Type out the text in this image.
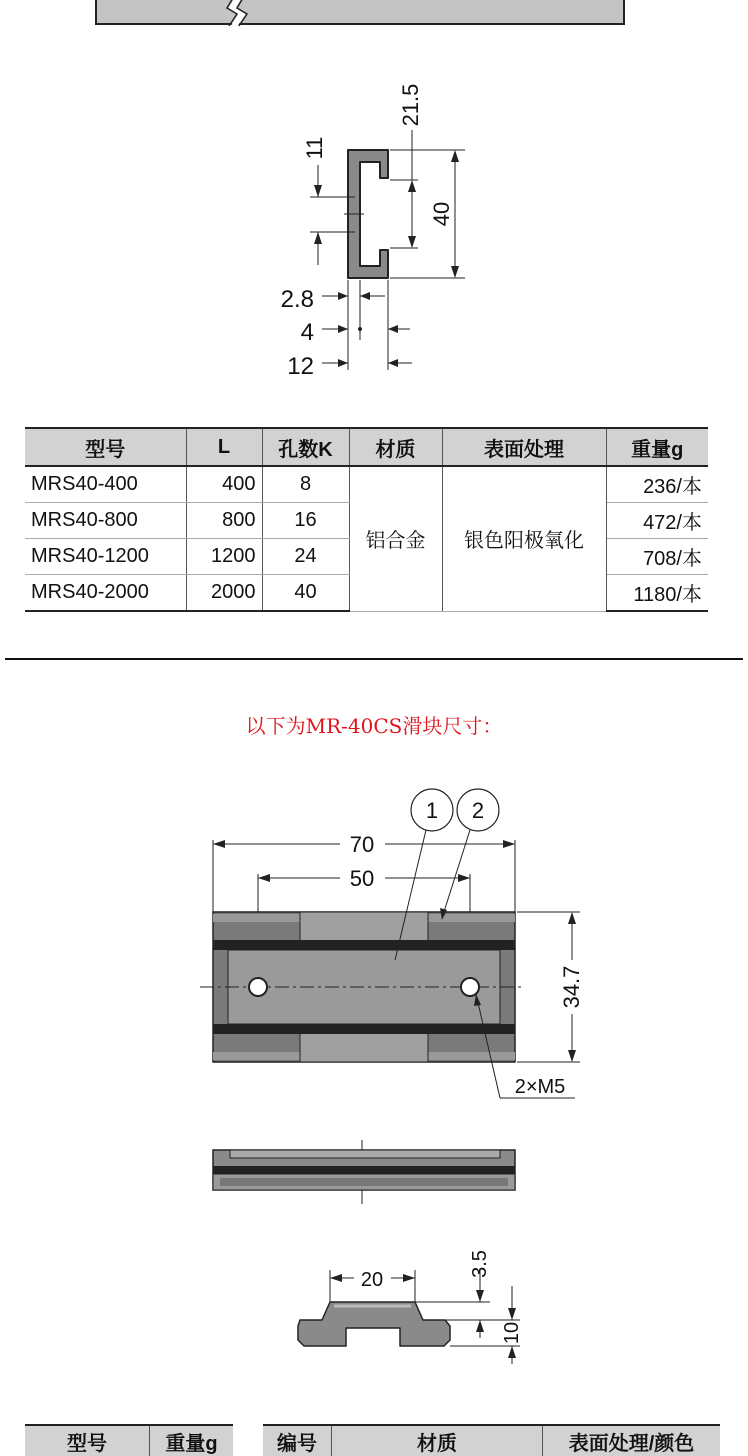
40
21.5
11
2.8
4
12
型号	L	孔数K	材质	表面处理	重量g
MRS40-400	400	8	铝合金	银色阳极氧化	236/本
MRS40-800	800	16			472/本
MRS40-1200	1200	24			708/本
MRS40-2000	2000	40			1180/本
以下为MR-40CS滑块尺寸：
1 2
70
50
2×M5
34.7
20
3.5
10
型号	重量g	编号	材质	表面处理/颜色
